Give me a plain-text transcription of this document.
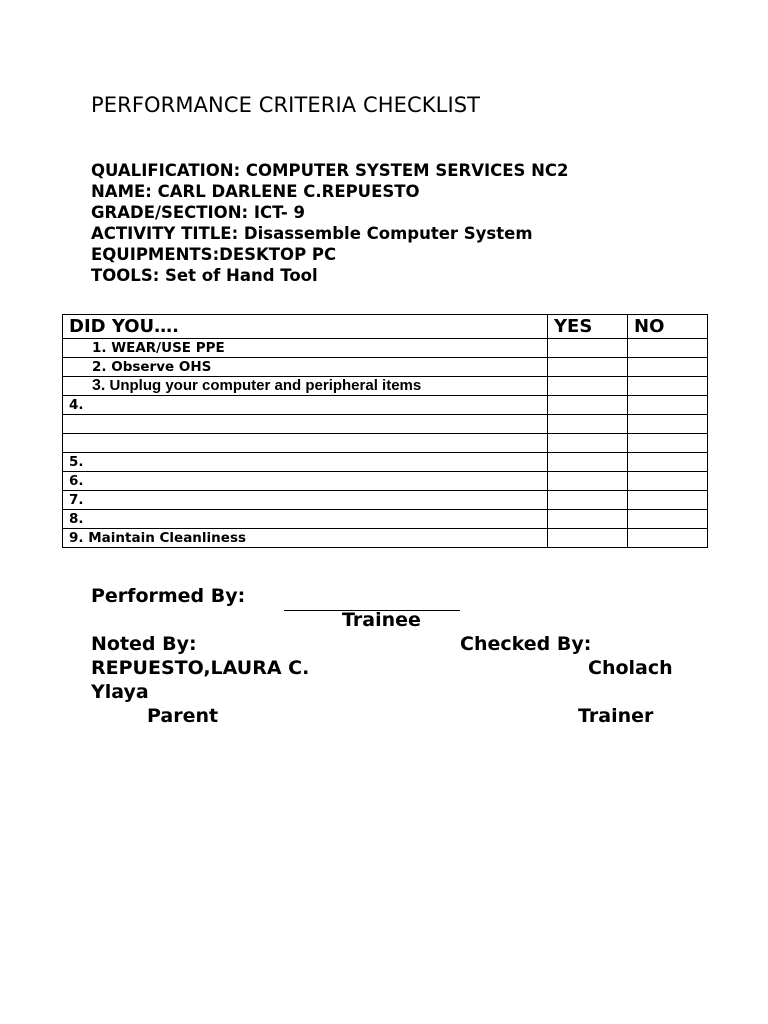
PERFORMANCE CRITERIA CHECKLIST
QUALIFICATION: COMPUTER SYSTEM SERVICES NC2
NAME: CARL DARLENE C.REPUESTO
GRADE/SECTION: ICT- 9
ACTIVITY TITLE: Disassemble Computer System
EQUIPMENTS:DESKTOP PC
TOOLS: Set of Hand Tool
DID YOU….	YES	NO
1. WEAR/USE PPE		
2. Observe OHS		
3. Unplug your computer and peripheral items		
4.		

5.		
6.		
7.		
8.		
9. Maintain Cleanliness		
Performed By:
Trainee
Noted By:	Checked By:
REPUESTO,LAURA C.	Cholach
Ylaya
Parent	Trainer
